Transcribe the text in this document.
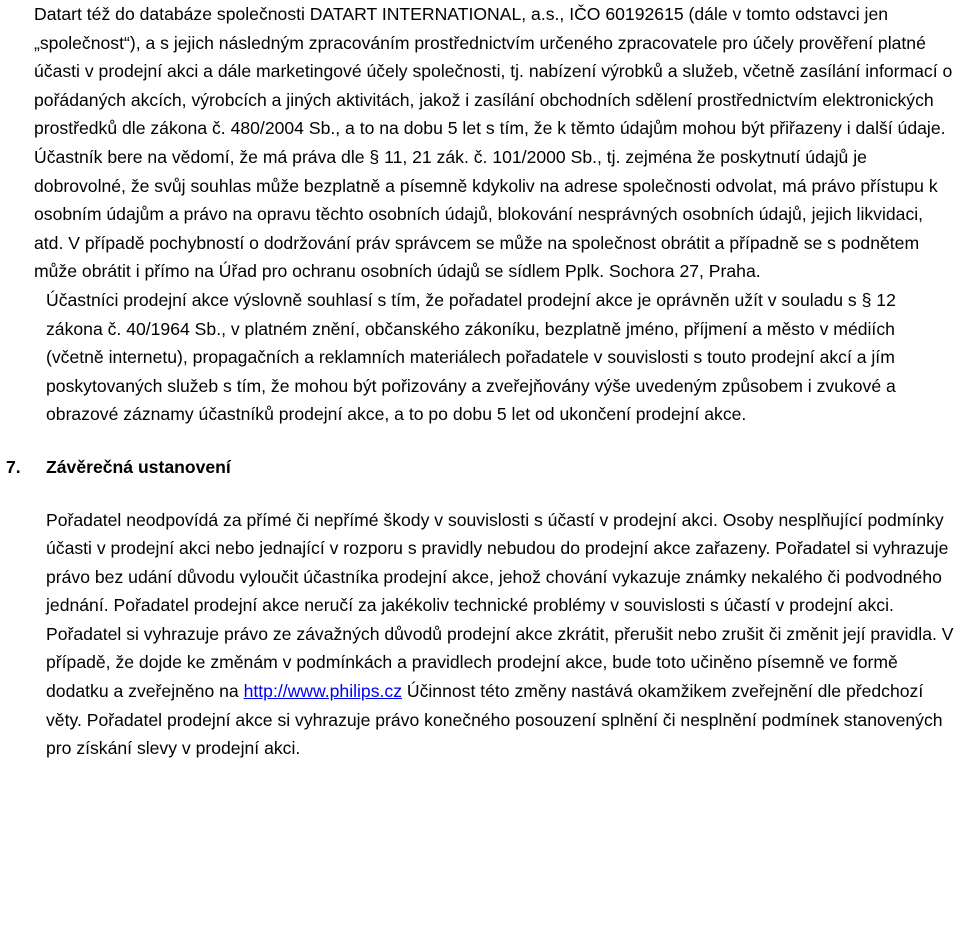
Datart též do databáze společnosti DATART INTERNATIONAL, a.s., IČO 60192615 (dále v tomto odstavci jen „společnost“), a s jejich následným zpracováním prostřednictvím určeného zpracovatele pro účely prověření platné účasti v prodejní akci a dále marketingové účely společnosti, tj. nabízení výrobků a služeb, včetně zasílání informací o pořádaných akcích, výrobcích a jiných aktivitách, jakož i zasílání obchodních sdělení prostřednictvím elektronických prostředků dle zákona č. 480/2004 Sb., a to na dobu 5 let s tím, že k těmto údajům mohou být přiřazeny i další údaje. Účastník bere na vědomí, že má práva dle § 11, 21 zák. č. 101/2000 Sb., tj. zejména že poskytnutí údajů je dobrovolné, že svůj souhlas může bezplatně a písemně kdykoliv na adrese společnosti odvolat, má právo přístupu k osobním údajům a právo na opravu těchto osobních údajů, blokování nesprávných osobních údajů, jejich likvidaci, atd. V případě pochybností o dodržování práv správcem se může na společnost obrátit a případně se s podnětem může obrátit i přímo na Úřad pro ochranu osobních údajů se sídlem Pplk. Sochora 27, Praha.

Účastníci prodejní akce výslovně souhlasí s tím, že pořadatel prodejní akce je oprávněn užít v souladu s § 12 zákona č. 40/1964 Sb., v platném znění, občanského zákoníku, bezplatně jméno, příjmení a město v médiích (včetně internetu), propagačních a reklamních materiálech pořadatele v souvislosti s touto prodejní akcí a jím poskytovaných služeb s tím, že mohou být pořizovány a zveřejňovány výše uvedeným způsobem i zvukové a obrazové záznamy účastníků prodejní akce, a to po dobu 5 let od ukončení prodejní akce.

7. Závěrečná ustanovení

Pořadatel neodpovídá za přímé či nepřímé škody v souvislosti s účastí v prodejní akci. Osoby nesplňující podmínky účasti v prodejní akci nebo jednající v rozporu s pravidly nebudou do prodejní akce zařazeny. Pořadatel si vyhrazuje právo bez udání důvodu vyloučit účastníka prodejní akce, jehož chování vykazuje známky nekalého či podvodného jednání. Pořadatel prodejní akce neručí za jakékoliv technické problémy v souvislosti s účastí v prodejní akci. Pořadatel si vyhrazuje právo ze závažných důvodů prodejní akce zkrátit, přerušit nebo zrušit či změnit její pravidla. V případě, že dojde ke změnám v podmínkách a pravidlech prodejní akce, bude toto učiněno písemně ve formě dodatku a zveřejněno na http://www.philips.cz Účinnost této změny nastává okamžikem zveřejnění dle předchozí věty. Pořadatel prodejní akce si vyhrazuje právo konečného posouzení splnění či nesplnění podmínek stanovených pro získání slevy v prodejní akci.
